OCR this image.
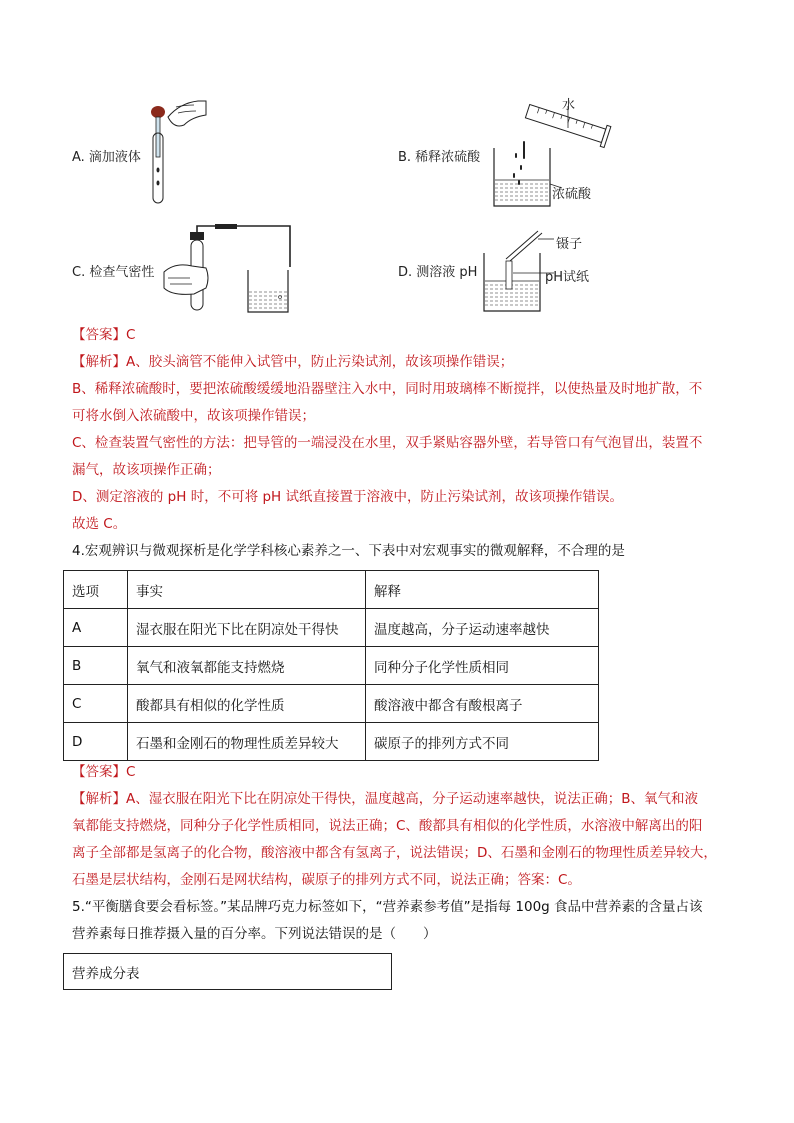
A. 滴加液体	B. 稀释浓硫酸
水
浓硫酸
C. 检查气密性	D. 测溶液 pH
镊子
pH试纸
【答案】C
【解析】A、胶头滴管不能伸入试管中，防止污染试剂，故该项操作错误；
B、稀释浓硫酸时，要把浓硫酸缓缓地沿器壁注入水中，同时用玻璃棒不断搅拌，以使热量及时地扩散，不
可将水倒入浓硫酸中，故该项操作错误；
C、检查装置气密性的方法：把导管的一端浸没在水里，双手紧贴容器外壁，若导管口有气泡冒出，装置不
漏气，故该项操作正确；
D、测定溶液的 pH 时，不可将 pH 试纸直接置于溶液中，防止污染试剂，故该项操作错误。
故选 C。
4.宏观辨识与微观探析是化学学科核心素养之一、下表中对宏观事实的微观解释，不合理的是
选项	事实	解释
A	湿衣服在阳光下比在阴凉处干得快	温度越高，分子运动速率越快
B	氧气和液氧都能支持燃烧	同种分子化学性质相同
C	酸都具有相似的化学性质	酸溶液中都含有酸根离子
D	石墨和金刚石的物理性质差异较大	碳原子的排列方式不同
【答案】C
【解析】A、湿衣服在阳光下比在阴凉处干得快，温度越高，分子运动速率越快，说法正确；B、氧气和液
氧都能支持燃烧，同种分子化学性质相同，说法正确；C、酸都具有相似的化学性质，水溶液中解离出的阳
离子全部都是氢离子的化合物，酸溶液中都含有氢离子，说法错误；D、石墨和金刚石的物理性质差异较大，
石墨是层状结构，金刚石是网状结构，碳原子的排列方式不同，说法正确；答案：C。
5.“平衡膳食要会看标签。”某品牌巧克力标签如下，“营养素参考值”是指每 100g 食品中营养素的含量占该
营养素每日推荐摄入量的百分率。下列说法错误的是（　　）
营养成分表
